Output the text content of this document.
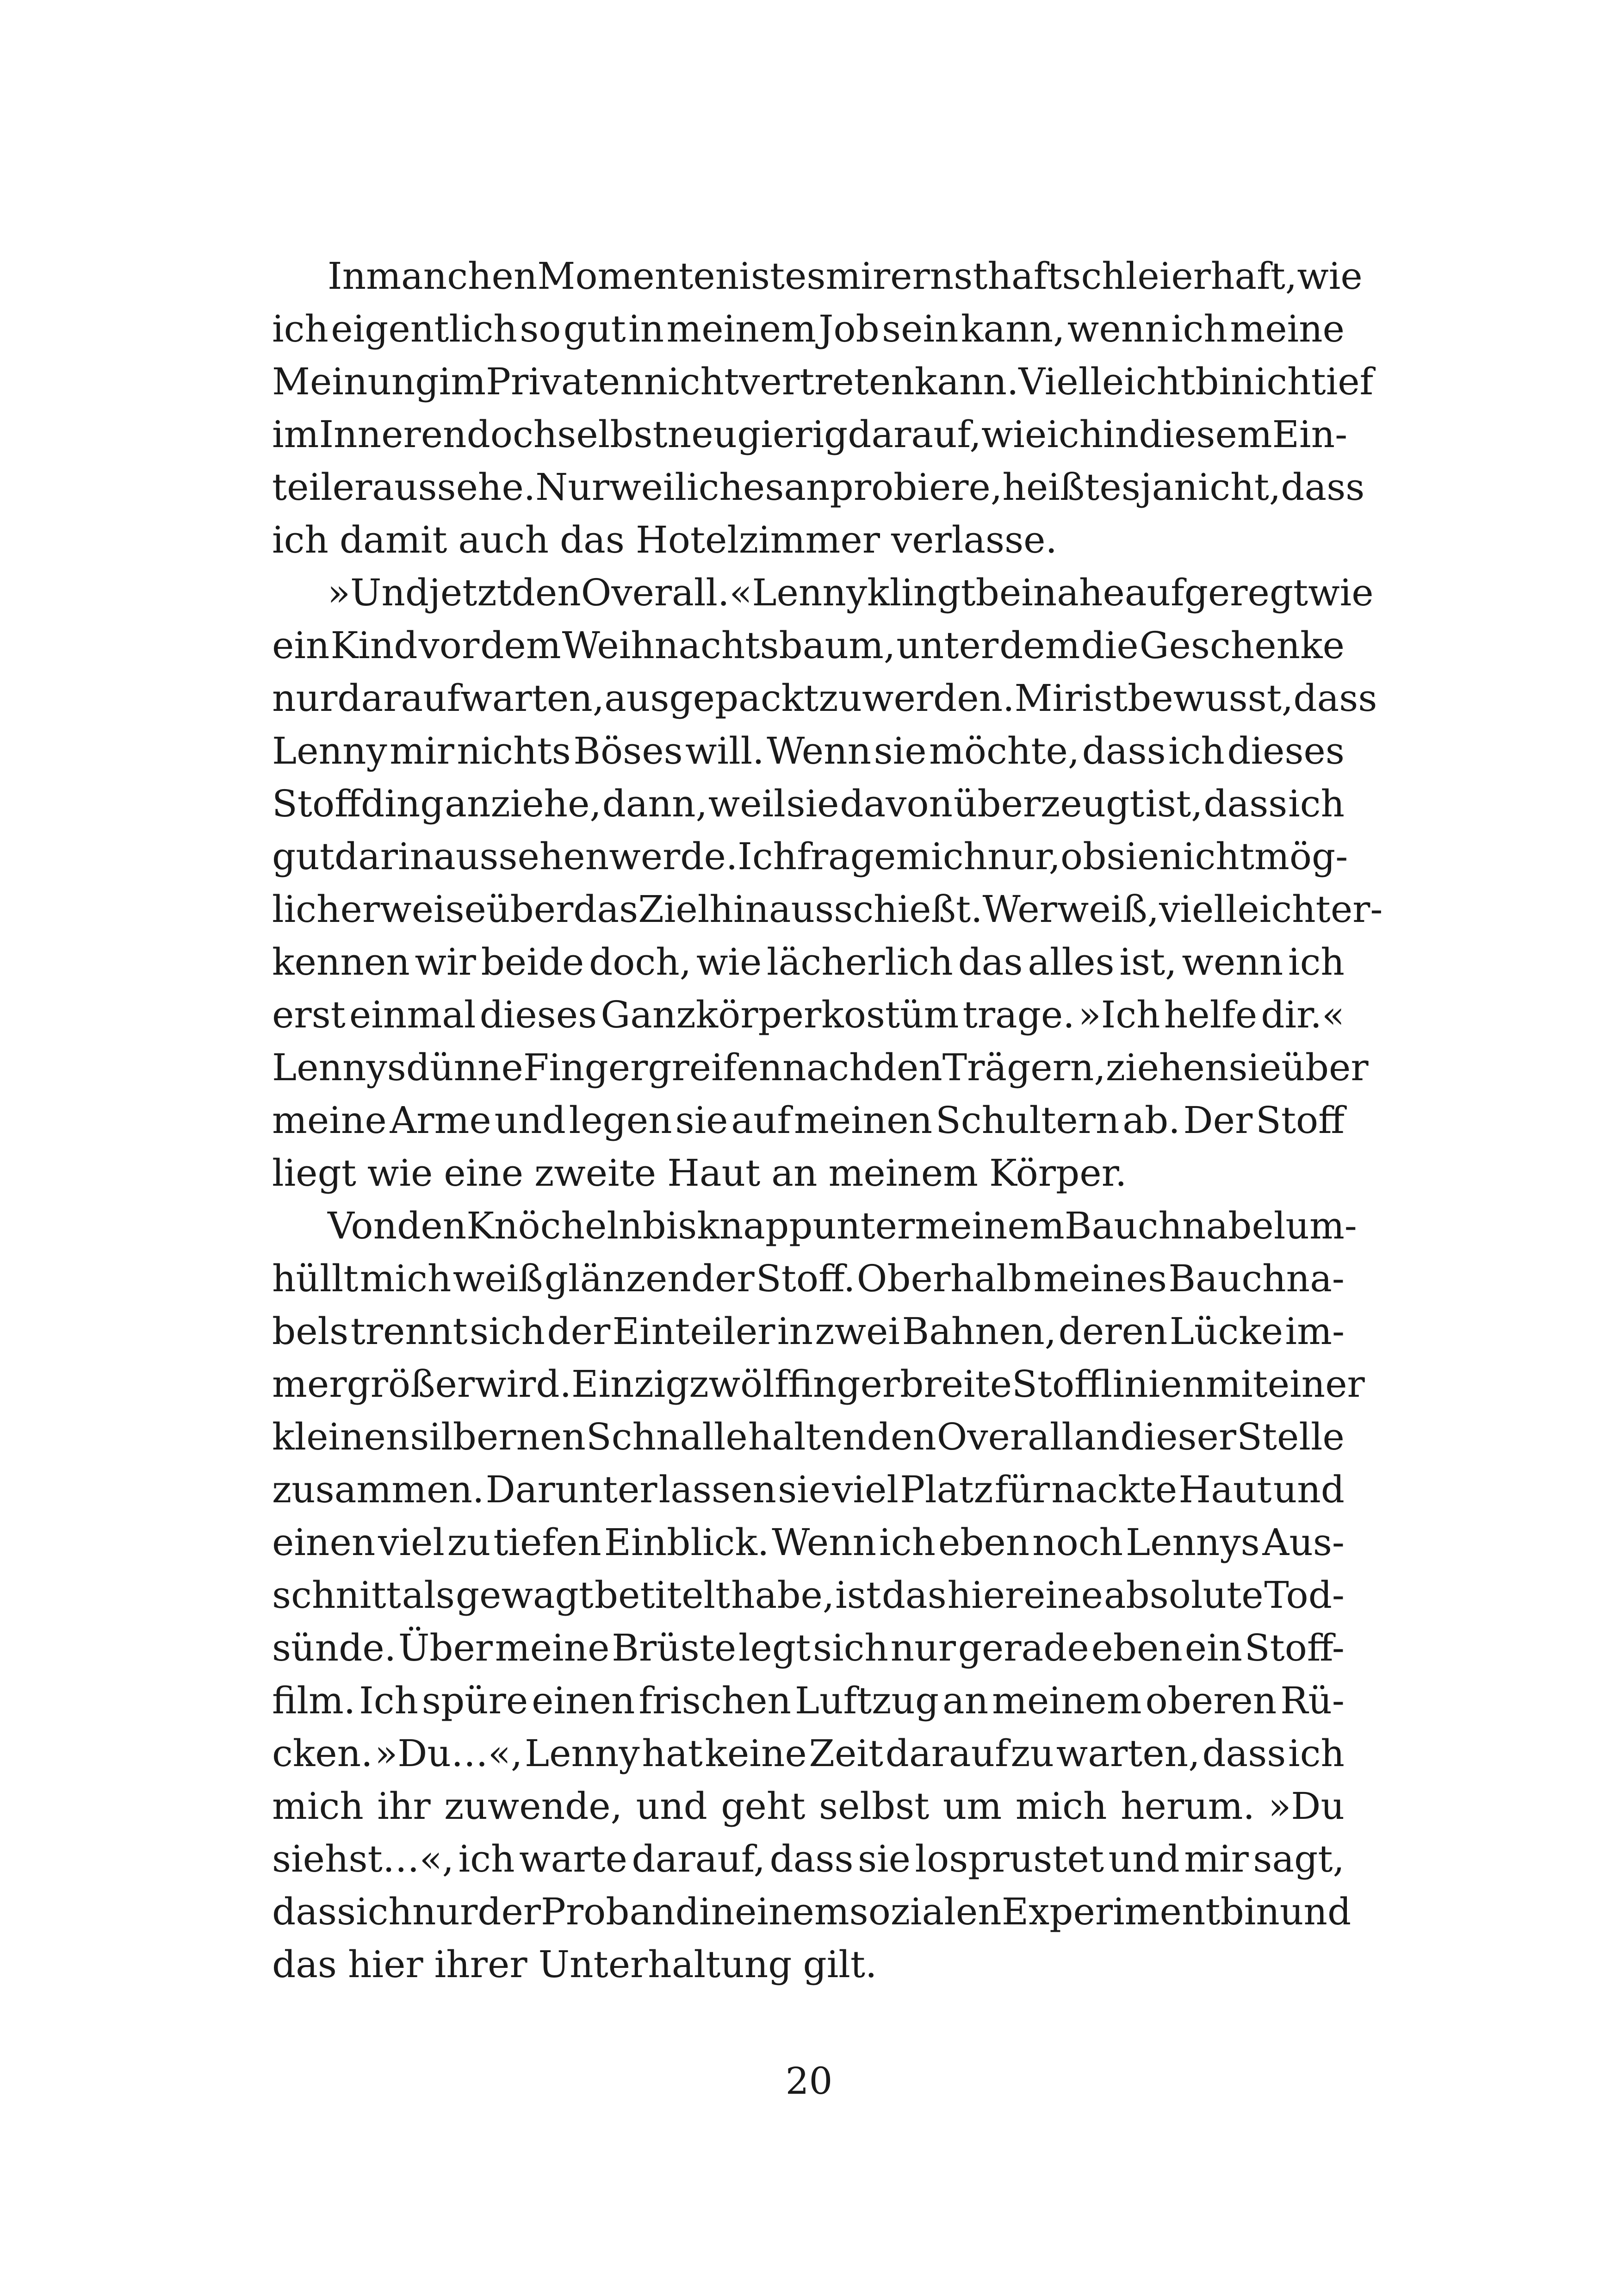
In manchen Momenten ist es mir ernsthaft schleierhaft, wie
ich eigentlich so gut in meinem Job sein kann, wenn ich meine
Meinung im Privaten nicht vertreten kann. Vielleicht bin ich tief
im Inneren doch selbst neugierig darauf, wie ich in diesem Ein-
teiler aussehe. Nur weil ich es anprobiere, heißt es ja nicht, dass
ich damit auch das Hotelzimmer verlasse.
»Und jetzt den Overall.« Lenny klingt beinahe aufgeregt wie
ein Kind vor dem Weihnachtsbaum, unter dem die Geschenke
nur darauf warten, ausgepackt zu werden. Mir ist bewusst, dass
Lenny mir nichts Böses will. Wenn sie möchte, dass ich dieses
Stoffding anziehe, dann, weil sie davon überzeugt ist, dass ich
gut darin aussehen werde. Ich frage mich nur, ob sie nicht mög-
licherweise über das Ziel hinausschießt. Wer weiß, vielleicht er-
kennen wir beide doch, wie lächerlich das alles ist, wenn ich
erst einmal dieses Ganzkörperkostüm trage. »Ich helfe dir.«
Lennys dünne Finger greifen nach den Trägern, ziehen sie über
meine Arme und legen sie auf meinen Schultern ab. Der Stoff
liegt wie eine zweite Haut an meinem Körper.
Von den Knöcheln bis knapp unter meinem Bauchnabel um-
hüllt mich weiß glänzender Stoff. Oberhalb meines Bauchna-
bels trennt sich der Einteiler in zwei Bahnen, deren Lücke im-
mer größer wird. Einzig zwölf fingerbreite Stofflinien mit einer
kleinen silbernen Schnalle halten den Overall an dieser Stelle
zusammen. Darunter lassen sie viel Platz für nackte Haut und
einen viel zu tiefen Einblick. Wenn ich eben noch Lennys Aus-
schnitt als gewagt betitelt habe, ist das hier eine absolute Tod-
sünde. Über meine Brüste legt sich nur gerade eben ein Stoff-
film. Ich spüre einen frischen Luftzug an meinem oberen Rü-
cken. »Du…«, Lenny hat keine Zeit darauf zu warten, dass ich
mich ihr zuwende, und geht selbst um mich herum. »Du
siehst…«, ich warte darauf, dass sie losprustet und mir sagt,
dass ich nur der Proband in einem sozialen Experiment bin und
das hier ihrer Unterhaltung gilt.
20
